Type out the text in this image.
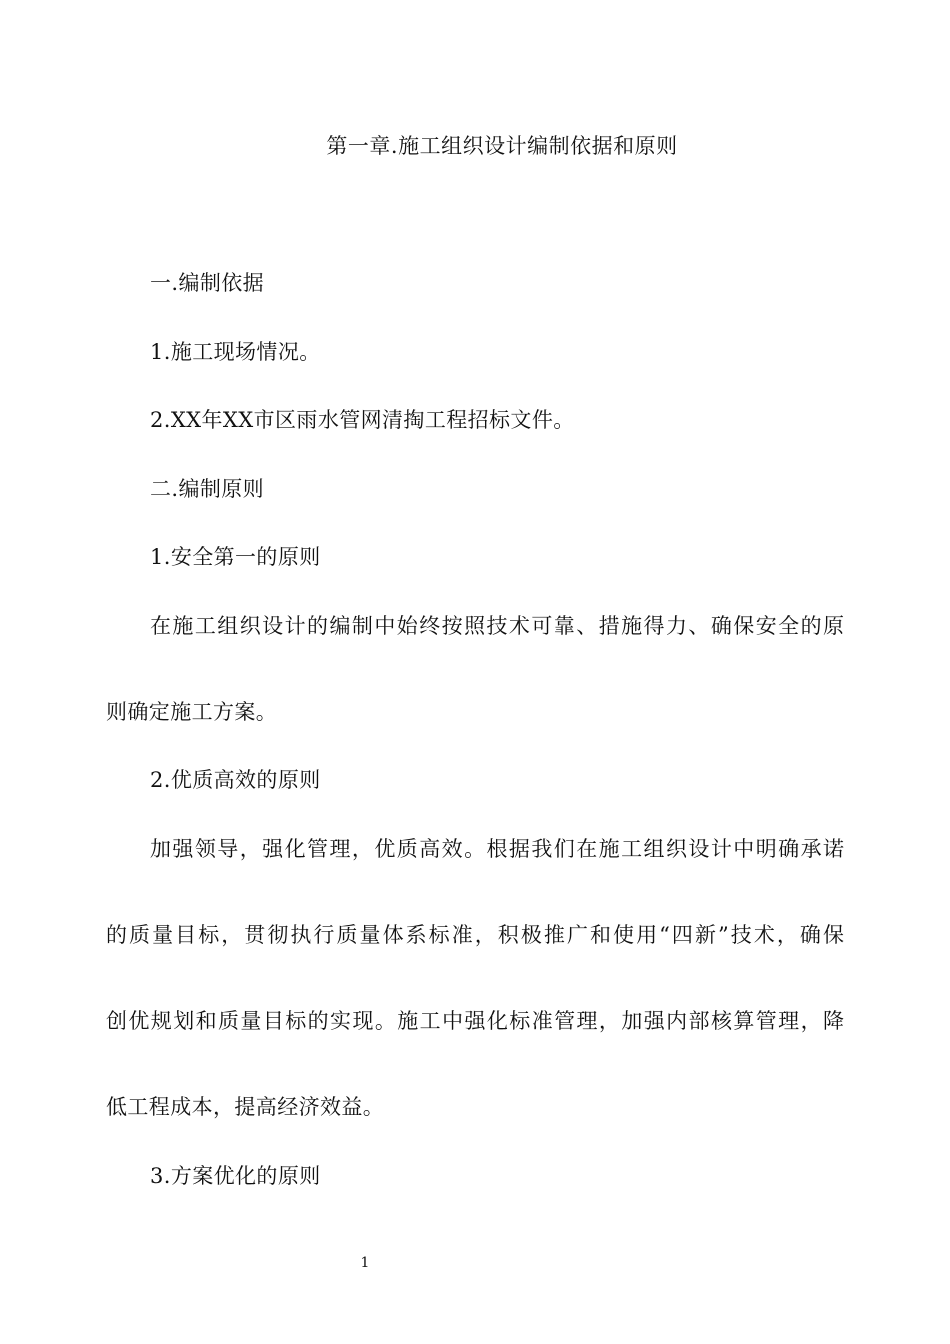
第一章.施工组织设计编制依据和原则
一.编制依据
1.施工现场情况。
2.XX年XX市区雨水管网清掏工程招标文件。
二.编制原则
1.安全第一的原则
在施工组织设计的编制中始终按照技术可靠、措施得力、确保安全的原
则确定施工方案。
2.优质高效的原则
加强领导，强化管理，优质高效。根据我们在施工组织设计中明确承诺
的质量目标，贯彻执行质量体系标准，积极推广和使用“四新”技术，确保
创优规划和质量目标的实现。施工中强化标准管理，加强内部核算管理，降
低工程成本，提高经济效益。
3.方案优化的原则
1
